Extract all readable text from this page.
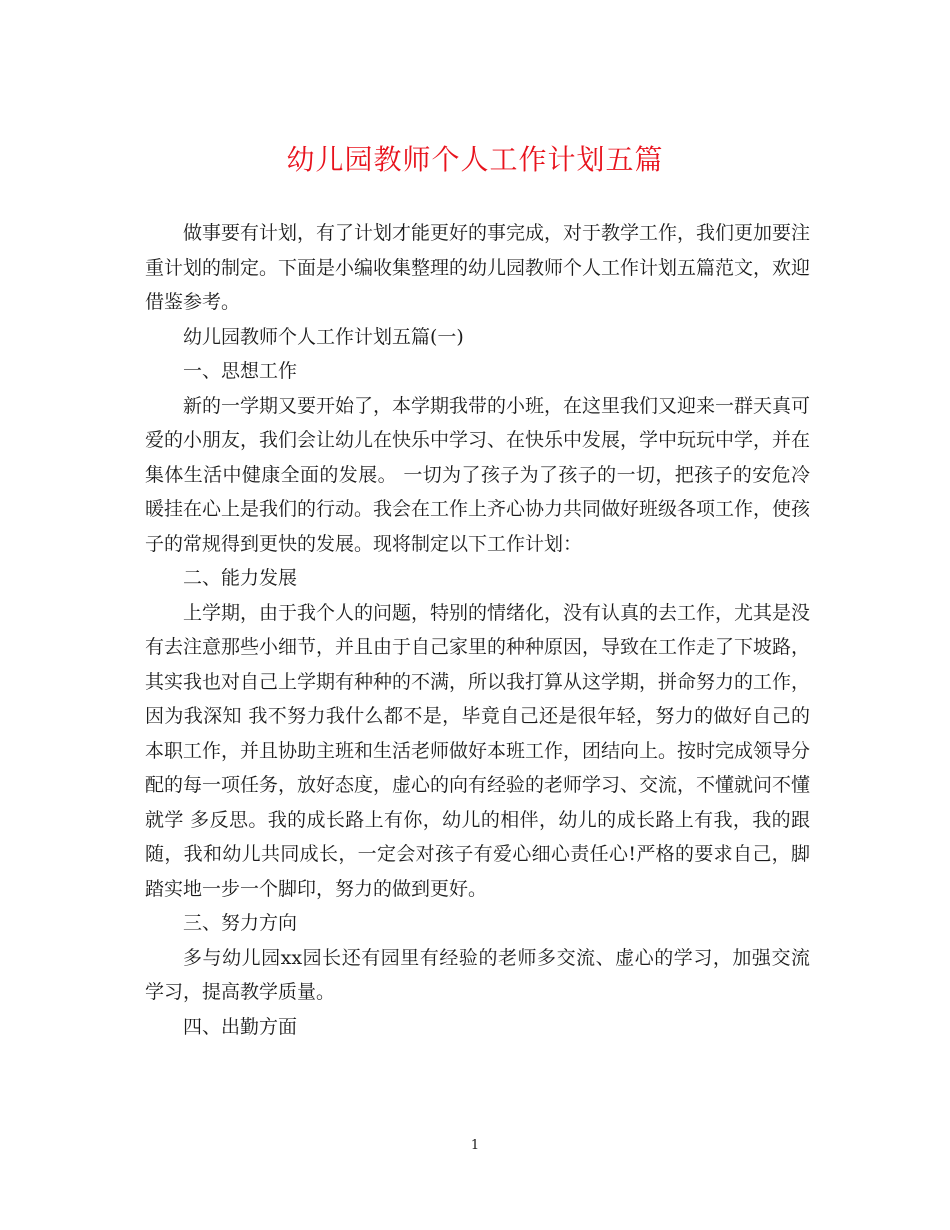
幼儿园教师个人工作计划五篇

做事要有计划，有了计划才能更好的事完成，对于教学工作，我们更加要注重计划的制定。下面是小编收集整理的幼儿园教师个人工作计划五篇范文，欢迎借鉴参考。

幼儿园教师个人工作计划五篇(一)

一、思想工作

新的一学期又要开始了，本学期我带的小班，在这里我们又迎来一群天真可爱的小朋友，我们会让幼儿在快乐中学习、在快乐中发展，学中玩玩中学，并在集体生活中健康全面的发展。 一切为了孩子为了孩子的一切，把孩子的安危冷暖挂在心上是我们的行动。我会在工作上齐心协力共同做好班级各项工作，使孩子的常规得到更快的发展。现将制定以下工作计划：

二、能力发展

上学期，由于我个人的问题，特别的情绪化，没有认真的去工作，尤其是没有去注意那些小细节，并且由于自己家里的种种原因，导致在工作走了下坡路，其实我也对自己上学期有种种的不满，所以我打算从这学期，拼命努力的工作，因为我深知 我不努力我什么都不是，毕竟自己还是很年轻，努力的做好自己的本职工作，并且协助主班和生活老师做好本班工作，团结向上。按时完成领导分配的每一项任务，放好态度，虚心的向有经验的老师学习、交流，不懂就问不懂就学 多反思。我的成长路上有你，幼儿的相伴，幼儿的成长路上有我，我的跟随，我和幼儿共同成长，一定会对孩子有爱心细心责任心!严格的要求自己，脚踏实地一步一个脚印，努力的做到更好。

三、努力方向

多与幼儿园xx园长还有园里有经验的老师多交流、虚心的学习，加强交流学习，提高教学质量。

四、出勤方面

1
